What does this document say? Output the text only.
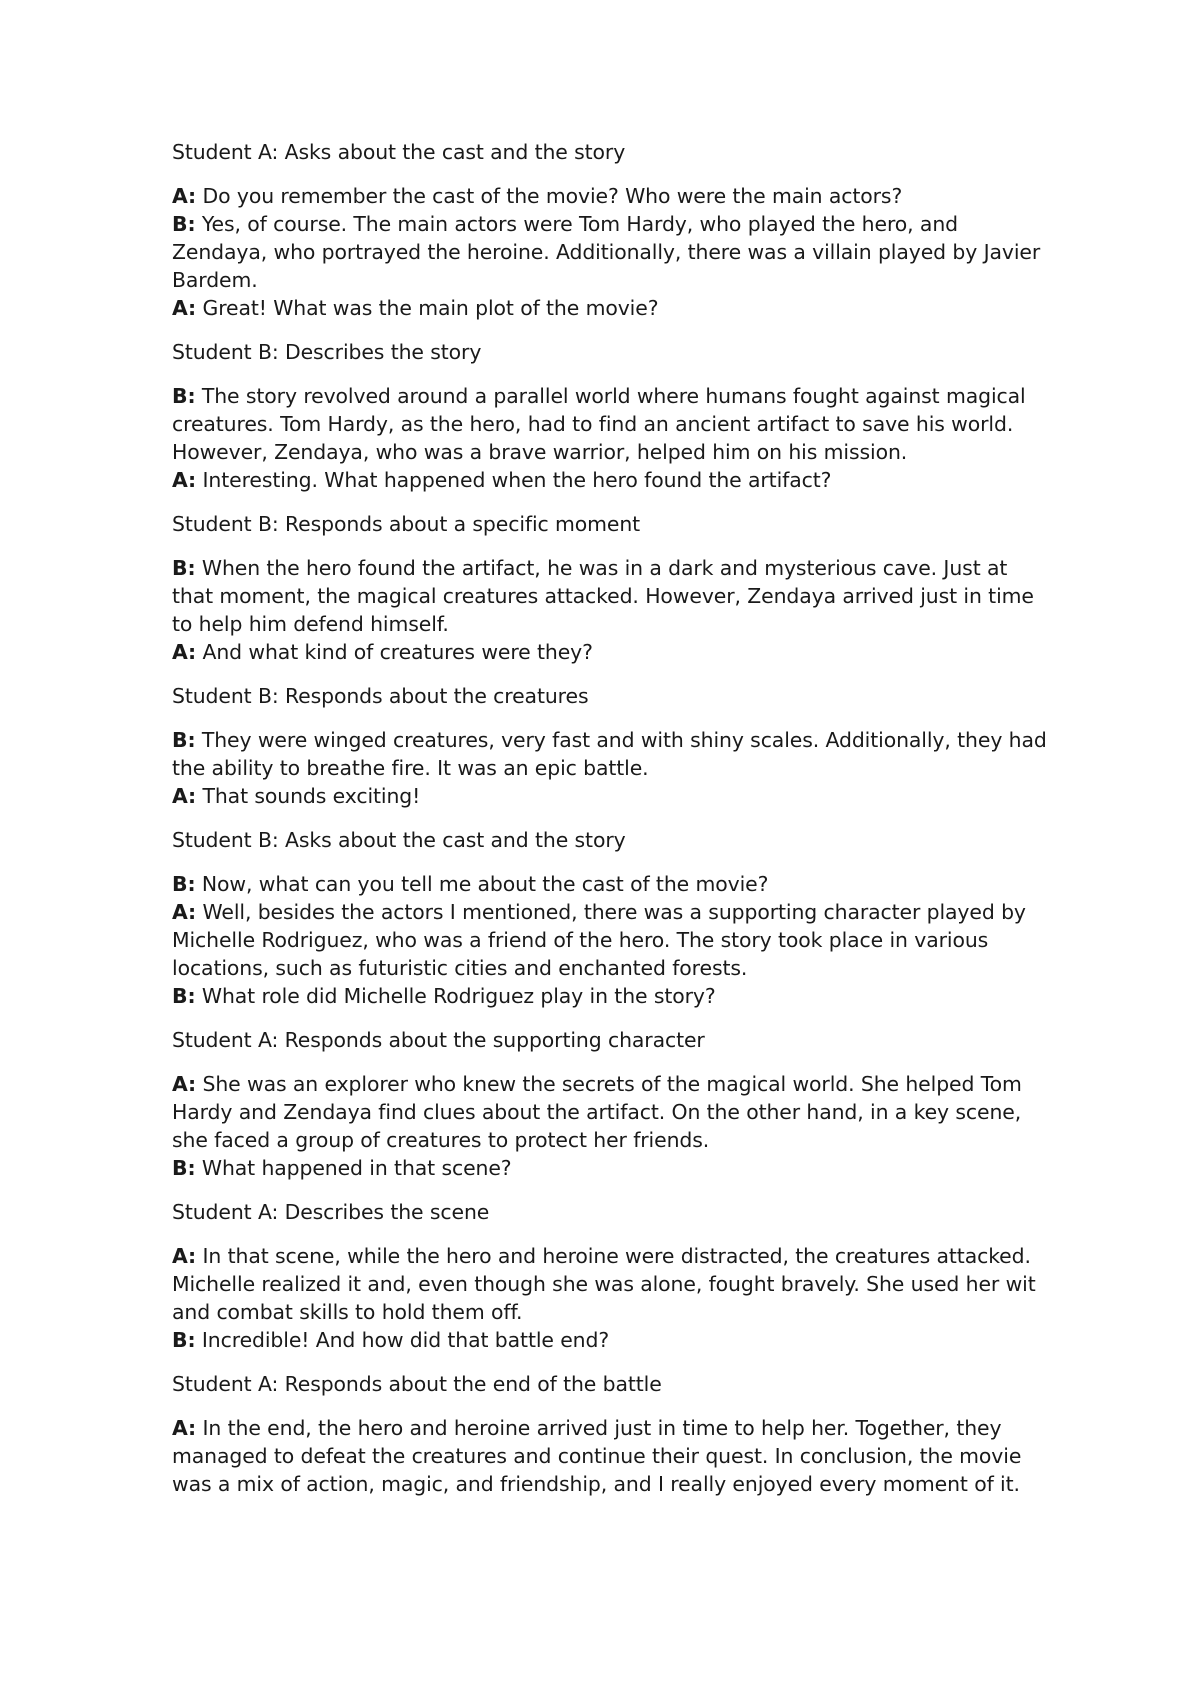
Student A: Asks about the cast and the story

A: Do you remember the cast of the movie? Who were the main actors?

B: Yes, of course. The main actors were Tom Hardy, who played the hero, and Zendaya, who portrayed the heroine. Additionally, there was a villain played by Javier Bardem.

A: Great! What was the main plot of the movie?

Student B: Describes the story

B: The story revolved around a parallel world where humans fought against magical creatures. Tom Hardy, as the hero, had to find an ancient artifact to save his world. However, Zendaya, who was a brave warrior, helped him on his mission.

A: Interesting. What happened when the hero found the artifact?

Student B: Responds about a specific moment

B: When the hero found the artifact, he was in a dark and mysterious cave. Just at that moment, the magical creatures attacked. However, Zendaya arrived just in time to help him defend himself.

A: And what kind of creatures were they?

Student B: Responds about the creatures

B: They were winged creatures, very fast and with shiny scales. Additionally, they had the ability to breathe fire. It was an epic battle.

A: That sounds exciting!

Student B: Asks about the cast and the story

B: Now, what can you tell me about the cast of the movie?

A: Well, besides the actors I mentioned, there was a supporting character played by Michelle Rodriguez, who was a friend of the hero. The story took place in various locations, such as futuristic cities and enchanted forests.

B: What role did Michelle Rodriguez play in the story?

Student A: Responds about the supporting character

A: She was an explorer who knew the secrets of the magical world. She helped Tom Hardy and Zendaya find clues about the artifact. On the other hand, in a key scene, she faced a group of creatures to protect her friends.

B: What happened in that scene?

Student A: Describes the scene

A: In that scene, while the hero and heroine were distracted, the creatures attacked. Michelle realized it and, even though she was alone, fought bravely. She used her wit and combat skills to hold them off.

B: Incredible! And how did that battle end?

Student A: Responds about the end of the battle

A: In the end, the hero and heroine arrived just in time to help her. Together, they managed to defeat the creatures and continue their quest. In conclusion, the movie was a mix of action, magic, and friendship, and I really enjoyed every moment of it.
